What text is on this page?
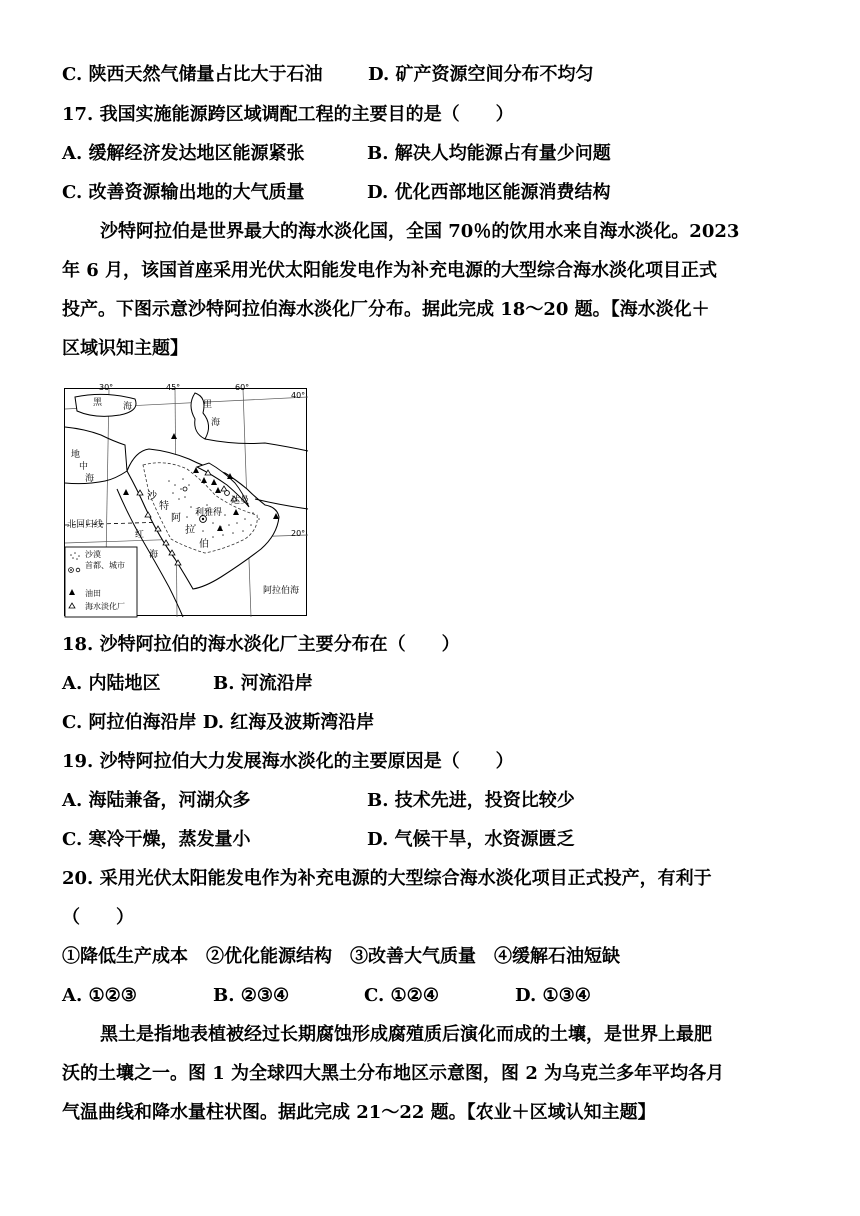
C. 陕西天然气储量占比大于石油	D. 矿产资源空间分布不均匀
17. 我国实施能源跨区域调配工程的主要目的是（　　）
A. 缓解经济发达地区能源紧张	B. 解决人均能源占有量少问题
C. 改善资源输出地的大气质量	D. 优化西部地区能源消费结构
沙特阿拉伯是世界最大的海水淡化国，全国 70％的饮用水来自海水淡化。2023
年 6 月，该国首座采用光伏太阳能发电作为补充电源的大型综合海水淡化项目正式
投产。下图示意沙特阿拉伯海水淡化厂分布。据此完成 18～20 题。【海水淡化＋
区域识知主题】
30°	45°	60°
40°
20°
黑 海	里
海
地
中
海
红
海
阿拉伯海
沙
特
阿
拉
伯
利雅得
达曼
北回归线
沙漠
首都、城市
油田
海水淡化厂
18. 沙特阿拉伯的海水淡化厂主要分布在（　　）
A. 内陆地区	B. 河流沿岸
C. 阿拉伯海沿岸 D. 红海及波斯湾沿岸
19. 沙特阿拉伯大力发展海水淡化的主要原因是（　　）
A. 海陆兼备，河湖众多	B. 技术先进，投资比较少
C. 寒冷干燥，蒸发量小	D. 气候干旱，水资源匮乏
20. 采用光伏太阳能发电作为补充电源的大型综合海水淡化项目正式投产，有利于
（　　）
①降低生产成本　②优化能源结构　③改善大气质量　④缓解石油短缺
A. ①②③	B. ②③④	C. ①②④	D. ①③④
黑土是指地表植被经过长期腐蚀形成腐殖质后演化而成的土壤，是世界上最肥
沃的土壤之一。图 1 为全球四大黑土分布地区示意图，图 2 为乌克兰多年平均各月
气温曲线和降水量柱状图。据此完成 21～22 题。【农业＋区域认知主题】
